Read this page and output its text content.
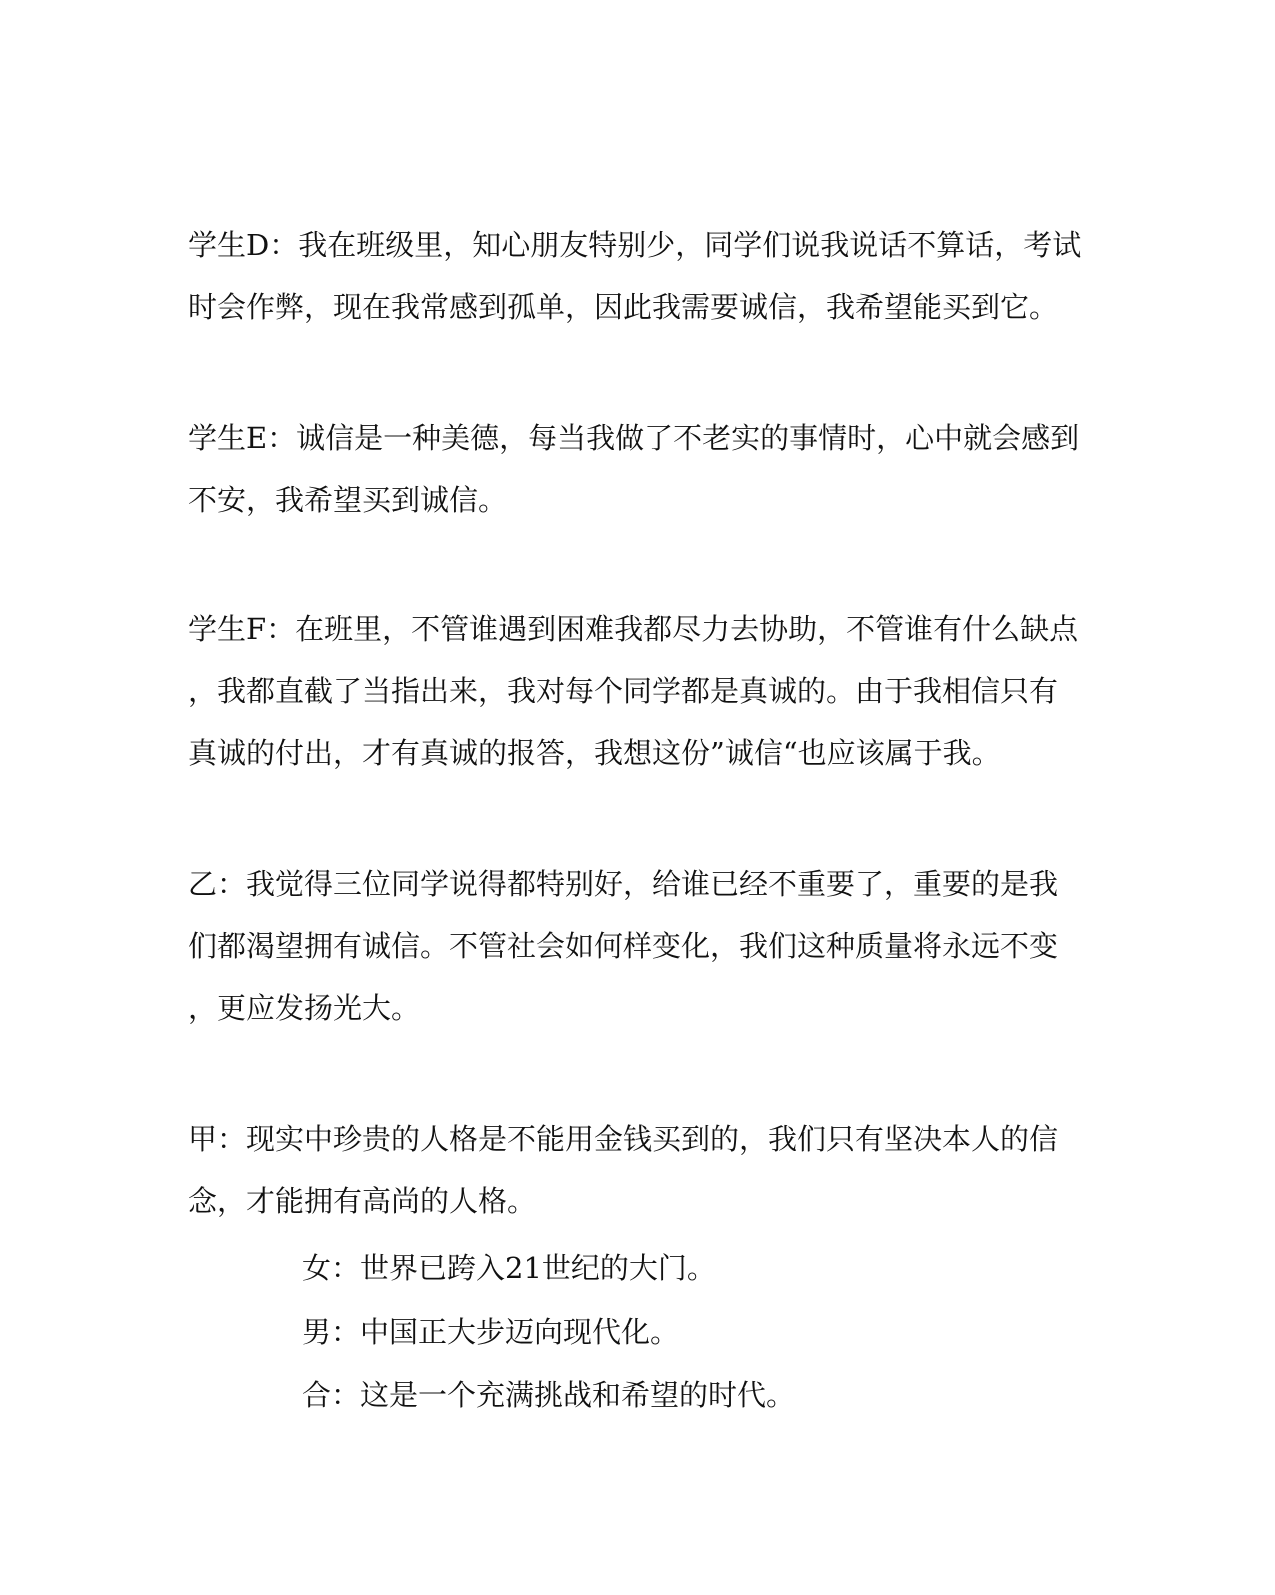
学生D：我在班级里，知心朋友特别少，同学们说我说话不算话，考试
时会作弊，现在我常感到孤单，因此我需要诚信，我希望能买到它。

学生E：诚信是一种美德，每当我做了不老实的事情时，心中就会感到
不安，我希望买到诚信。

学生F：在班里，不管谁遇到困难我都尽力去协助，不管谁有什么缺点
，我都直截了当指出来，我对每个同学都是真诚的。由于我相信只有
真诚的付出，才有真诚的报答，我想这份”诚信“也应该属于我。

乙：我觉得三位同学说得都特别好，给谁已经不重要了，重要的是我
们都渴望拥有诚信。不管社会如何样变化，我们这种质量将永远不变
，更应发扬光大。

甲：现实中珍贵的人格是不能用金钱买到的，我们只有坚决本人的信
念，才能拥有高尚的人格。

女：世界已跨入21世纪的大门。

男：中国正大步迈向现代化。

合：这是一个充满挑战和希望的时代。
